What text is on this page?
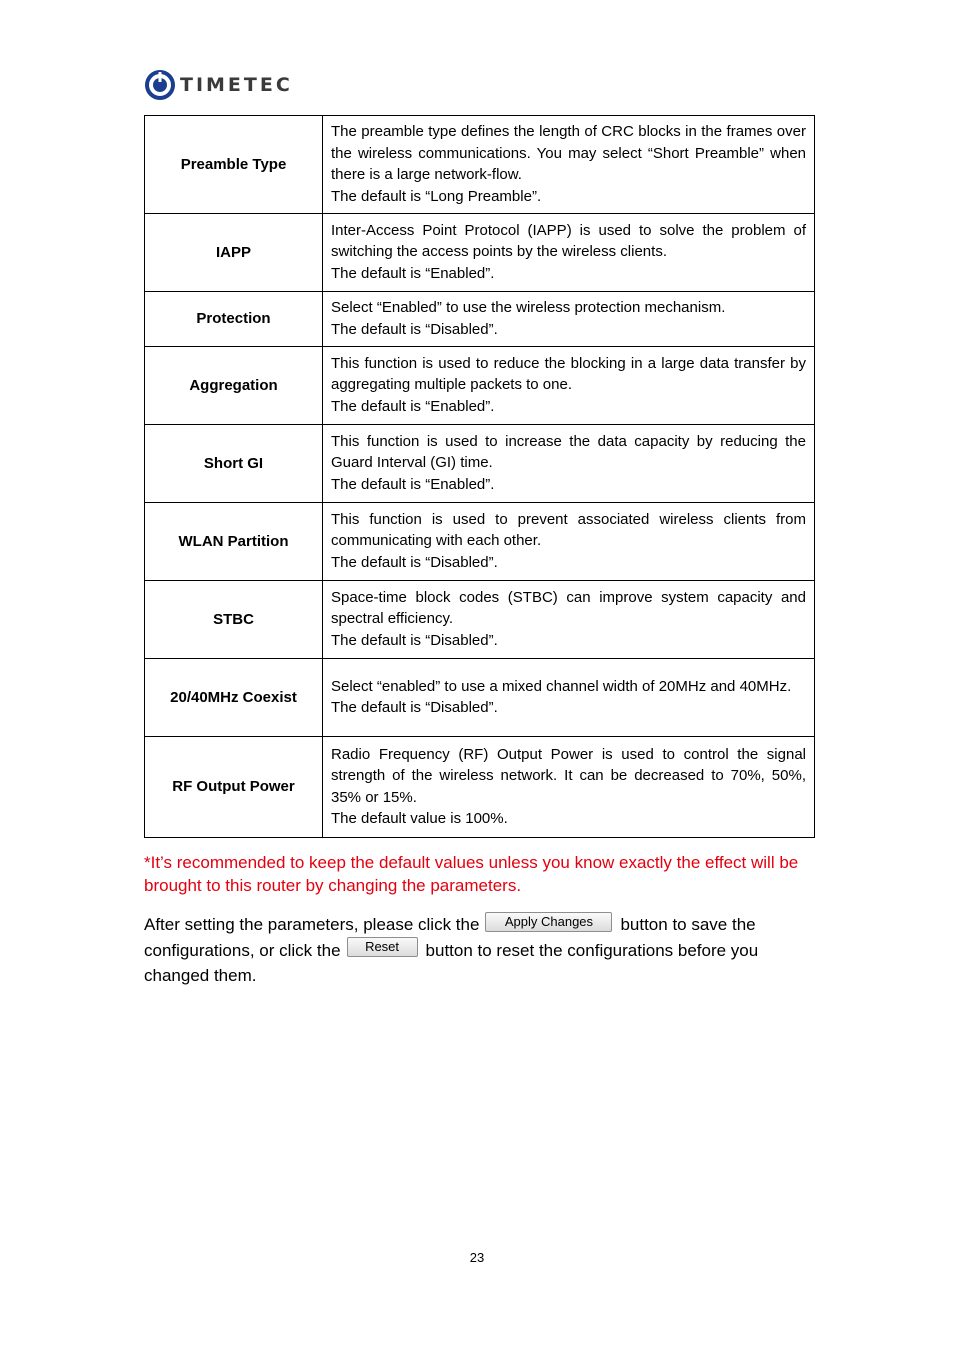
TIMETEC
Preamble Type	The preamble type defines the length of CRC blocks in the frames over the wireless communications. You may select “Short Preamble” when there is a large network-flow.
The default is “Long Preamble”.

IAPP	Inter-Access Point Protocol (IAPP) is used to solve the problem of switching the access points by the wireless clients.
The default is “Enabled”.

Protection	Select “Enabled” to use the wireless protection mechanism.
The default is “Disabled”.

Aggregation	This function is used to reduce the blocking in a large data transfer by aggregating multiple packets to one.
The default is “Enabled”.

Short GI	This function is used to increase the data capacity by reducing the Guard Interval (GI) time.
The default is “Enabled”.

WLAN Partition	This function is used to prevent associated wireless clients from communicating with each other.
The default is “Disabled”.

STBC	Space-time block codes (STBC) can improve system capacity and spectral efficiency.
The default is “Disabled”.

20/40MHz Coexist	Select “enabled” to use a mixed channel width of 20MHz and 40MHz.
The default is “Disabled”.

RF Output Power	Radio Frequency (RF) Output Power is used to control the signal strength of the wireless network. It can be decreased to 70%, 50%, 35% or 15%.
The default value is 100%.
*It’s recommended to keep the default values unless you know exactly the effect will be brought to this router by changing the parameters.
After setting the parameters, please click the Apply Changes button to save the configurations, or click the Reset button to reset the configurations before you changed them.
23
